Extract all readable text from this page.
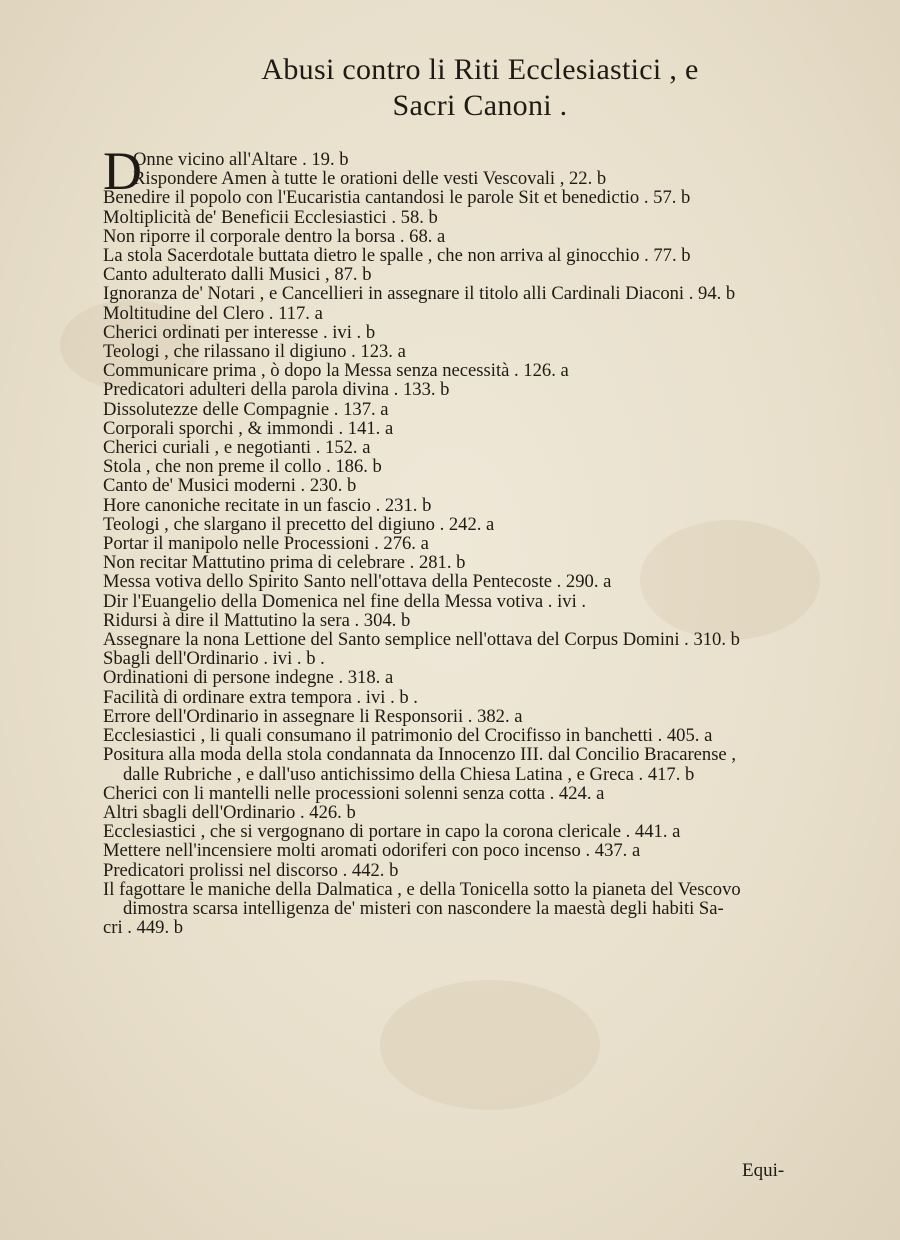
Abusi contro li Riti Ecclesiastici , e
Sacri Canoni .
D
Onne vicino all'Altare . 19. b
Rispondere Amen à tutte le orationi delle vesti Vescovali , 22. b
Benedire il popolo con l'Eucaristia cantandosi le parole Sit et benedictio . 57. b
Moltiplicità de' Beneficii Ecclesiastici . 58. b
Non riporre il corporale dentro la borsa . 68. a
La stola Sacerdotale buttata dietro le spalle , che non arriva al ginocchio . 77. b
Canto adulterato dalli Musici , 87. b
Ignoranza de' Notari , e Cancellieri in assegnare il titolo alli Cardinali Diaconi . 94. b
Moltitudine del Clero . 117. a
Cherici ordinati per interesse . ivi . b
Teologi , che rilassano il digiuno . 123. a
Communicare prima , ò dopo la Messa senza necessità . 126. a
Predicatori adulteri della parola divina . 133. b
Dissolutezze delle Compagnie . 137. a
Corporali sporchi , & immondi . 141. a
Cherici curiali , e negotianti . 152. a
Stola , che non preme il collo . 186. b
Canto de' Musici moderni . 230. b
Hore canoniche recitate in un fascio . 231. b
Teologi , che slargano il precetto del digiuno . 242. a
Portar il manipolo nelle Processioni . 276. a
Non recitar Mattutino prima di celebrare . 281. b
Messa votiva dello Spirito Santo nell'ottava della Pentecoste . 290. a
Dir l'Euangelio della Domenica nel fine della Messa votiva . ivi .
Ridursi à dire il Mattutino la sera . 304. b
Assegnare la nona Lettione del Santo semplice nell'ottava del Corpus Domini . 310. b
Sbagli dell'Ordinario . ivi . b .
Ordinationi di persone indegne . 318. a
Facilità di ordinare extra tempora . ivi . b .
Errore dell'Ordinario in assegnare li Responsorii . 382. a
Ecclesiastici , li quali consumano il patrimonio del Crocifisso in banchetti . 405. a
Positura alla moda della stola condannata da Innocenzo III. dal Concilio Bracarense ,
dalle Rubriche , e dall'uso antichissimo della Chiesa Latina , e Greca . 417. b
Cherici con li mantelli nelle processioni solenni senza cotta . 424. a
Altri sbagli dell'Ordinario . 426. b
Ecclesiastici , che si vergognano di portare in capo la corona clericale . 441. a
Mettere nell'incensiere molti aromati odoriferi con poco incenso . 437. a
Predicatori prolissi nel discorso . 442. b
Il fagottare le maniche della Dalmatica , e della Tonicella sotto la pianeta del Vescovo
dimostra scarsa intelligenza de' misteri con nascondere la maestà degli habiti Sa-
cri . 449. b
Equi-
